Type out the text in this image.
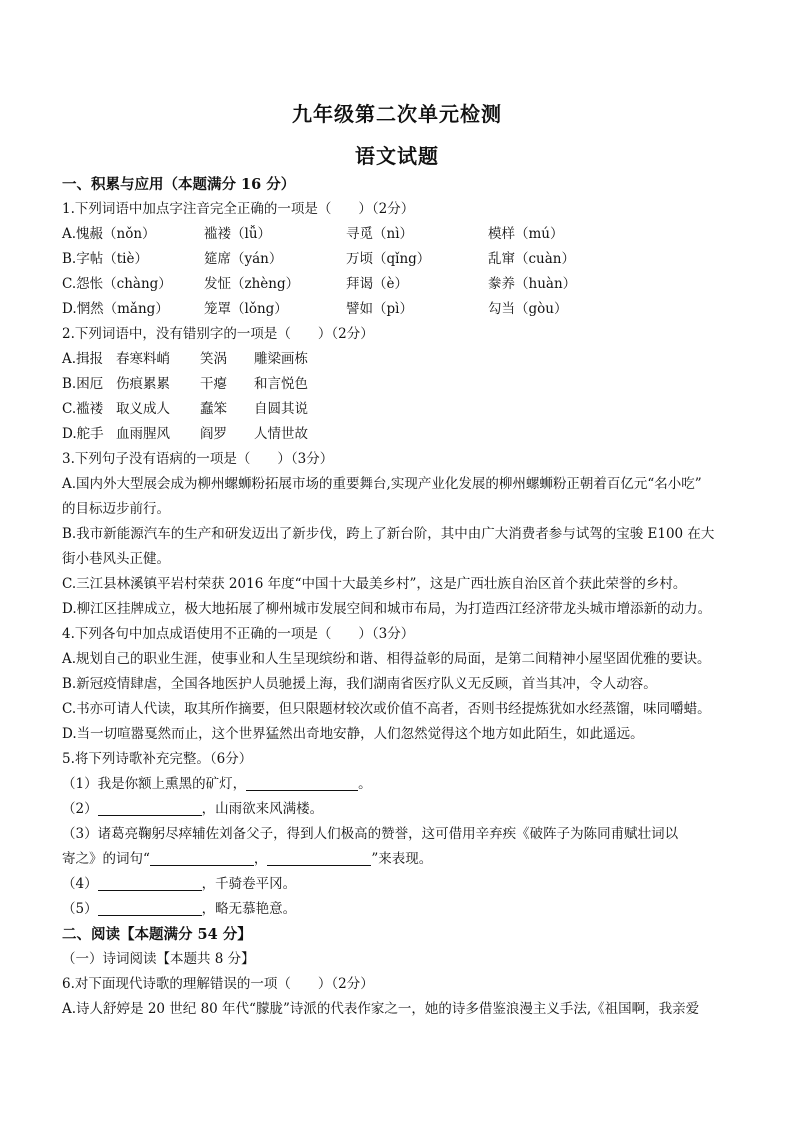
九年级第二次单元检测
语文试题
一、积累与应用（本题满分 16 分）
1.下列词语中加点字注音完全正确的一项是（　　）（2分）
A.愧赧（nǒn）	褴褛（lǚ）	寻觅（nì）	模样（mú）
B.字帖（tiè）	筵席（yán）	万顷（qǐng）	乱窜（cuàn）
C.怨怅（chàng）	发怔（zhèng）	拜谒（è）	豢养（huàn）
D.惘然（mǎng）	笼罩（lǒng）	譬如（pì）	勾当（gòu）
2.下列词语中，没有错别字的一项是（　　）（2分）
A.揖报 春寒料峭 笑涡 雕梁画栋
B.困厄 伤痕累累 干瘪 和言悦色
C.褴褛 取义成人 蠢笨 自圆其说
D.舵手 血雨腥风 阎罗 人情世故
3.下列句子没有语病的一项是（　　）（3分）
A.国内外大型展会成为柳州螺蛳粉拓展市场的重要舞台,实现产业化发展的柳州螺蛳粉正朝着百亿元“名小吃”
的目标迈步前行。
B.我市新能源汽车的生产和研发迈出了新步伐，跨上了新台阶，其中由广大消费者参与试驾的宝骏 E100 在大
街小巷风头正健。
C.三江县林溪镇平岩村荣获 2016 年度“中国十大最美乡村”，这是广西壮族自治区首个获此荣誉的乡村。
D.柳江区挂牌成立，极大地拓展了柳州城市发展空间和城市布局，为打造西江经济带龙头城市增添新的动力。
4.下列各句中加点成语使用不正确的一项是（　　）（3分）
A.规划自己的职业生涯，使事业和人生呈现缤纷和谐、相得益彰的局面，是第二间精神小屋坚固优雅的要诀。
B.新冠疫情肆虐，全国各地医护人员驰援上海，我们湖南省医疗队义无反顾，首当其冲，令人动容。
C.书亦可请人代读，取其所作摘要，但只限题材较次或价值不高者，否则书经提炼犹如水经蒸馏，味同嚼蜡。
D.当一切喧嚣戛然而止，这个世界猛然出奇地安静，人们忽然觉得这个地方如此陌生，如此遥远。
5.将下列诗歌补充完整。（6分）
（1）我是你额上熏黑的矿灯，	。
（2）	，山雨欲来风满楼。
（3）诸葛亮鞠躬尽瘁辅佐刘备父子，得到人们极高的赞誉，这可借用辛弃疾《破阵子为陈同甫赋壮词以
寄之》的词句“	，	”来表现。
（4）	，千骑卷平冈。
（5）	，略无慕艳意。
二、阅读【本题满分 54 分】
（一）诗词阅读【本题共 8 分】
6.对下面现代诗歌的理解错误的一项（　　）（2分）
A.诗人舒婷是 20 世纪 80 年代“朦胧”诗派的代表作家之一，她的诗多借鉴浪漫主义手法,《祖国啊，我亲爱
